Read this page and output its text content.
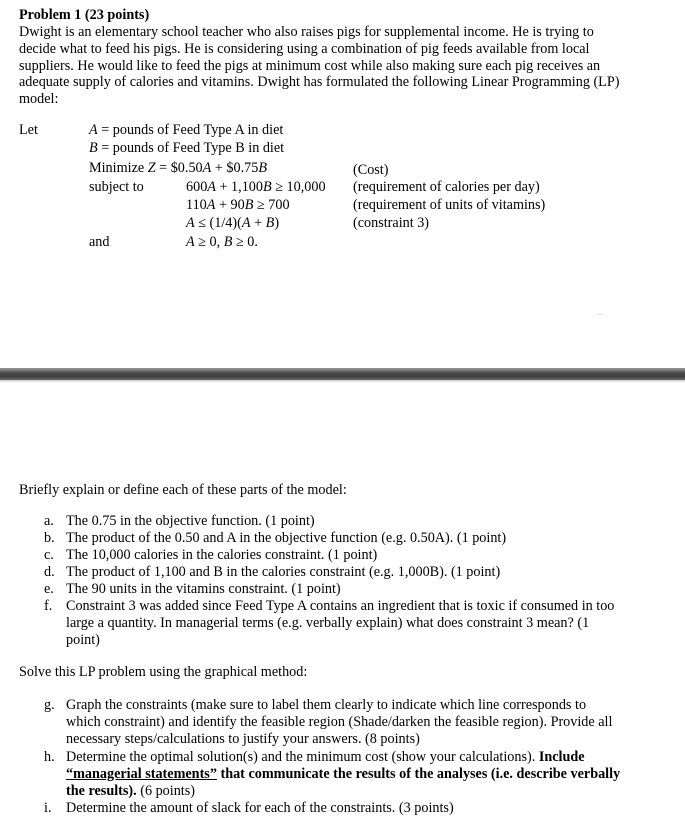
Problem 1 (23 points)
Dwight is an elementary school teacher who also raises pigs for supplemental income. He is trying to
decide what to feed his pigs. He is considering using a combination of pig feeds available from local
suppliers. He would like to feed the pigs at minimum cost while also making sure each pig receives an
adequate supply of calories and vitamins. Dwight has formulated the following Linear Programming (LP)
model:
Let	A = pounds of Feed Type A in diet
B = pounds of Feed Type B in diet
Minimize Z = $0.50A + $0.75B	(Cost)
subject to	600A + 1,100B ≥ 10,000 (requirement of calories per day)
110A + 90B ≥ 700	(requirement of units of vitamins)
A ≤ (1/4)(A + B)	(constraint 3)
and	A ≥ 0, B ≥ 0.
Briefly explain or define each of these parts of the model:
a. The 0.75 in the objective function. (1 point)
b. The product of the 0.50 and A in the objective function (e.g. 0.50A). (1 point)
c. The 10,000 calories in the calories constraint. (1 point)
d. The product of 1,100 and B in the calories constraint (e.g. 1,000B). (1 point)
e. The 90 units in the vitamins constraint. (1 point)
f. Constraint 3 was added since Feed Type A contains an ingredient that is toxic if consumed in too
large a quantity. In managerial terms (e.g. verbally explain) what does constraint 3 mean? (1
point)
Solve this LP problem using the graphical method:
g. Graph the constraints (make sure to label them clearly to indicate which line corresponds to
which constraint) and identify the feasible region (Shade/darken the feasible region). Provide all
necessary steps/calculations to justify your answers. (8 points)
h. Determine the optimal solution(s) and the minimum cost (show your calculations). Include
“managerial statements” that communicate the results of the analyses (i.e. describe verbally
the results). (6 points)
i.	Determine the amount of slack for each of the constraints. (3 points)
